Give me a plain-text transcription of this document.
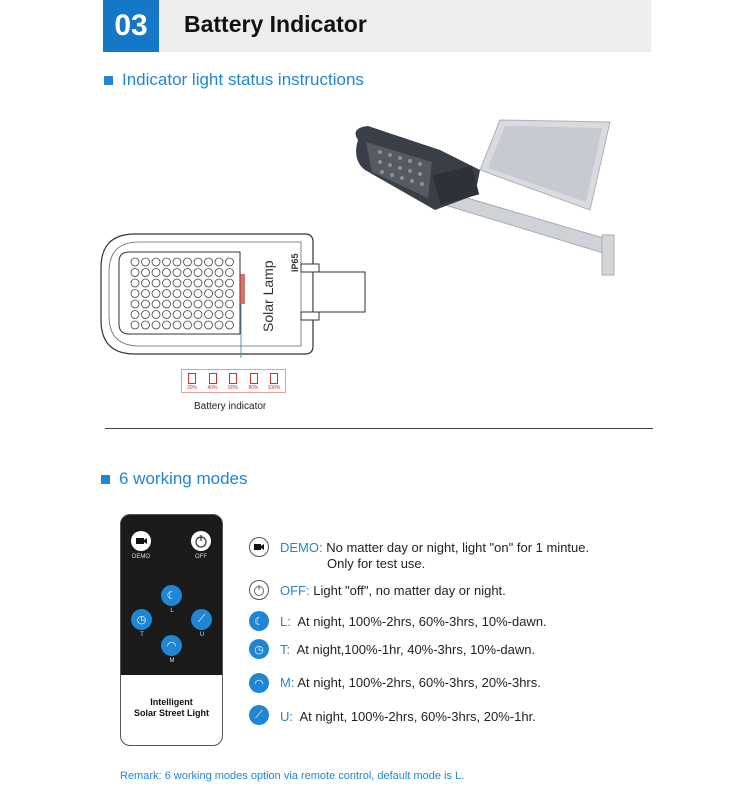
03	Battery Indicator
Indicator light status instructions
Solar Lamp IP65
20% 40% 60% 80% 100%
Battery indicator
6 working modes
DEMO	OFF
☾
L
◷
T
⟋
U
◠
M
Intelligent
Solar Street Light
DEMO: No matter day or night, light "on" for 1 mintue.
Only for test use.
OFF: Light "off", no matter day or night.
☾	L: At night, 100%-2hrs, 60%-3hrs, 10%-dawn.
◷	T: At night,100%-1hr, 40%-3hrs, 10%-dawn.
◠	M: At night, 100%-2hrs, 60%-3hrs, 20%-3hrs.
⟋	U: At night, 100%-2hrs, 60%-3hrs, 20%-1hr.
Remark: 6 working modes option via remote control, default mode is L.
